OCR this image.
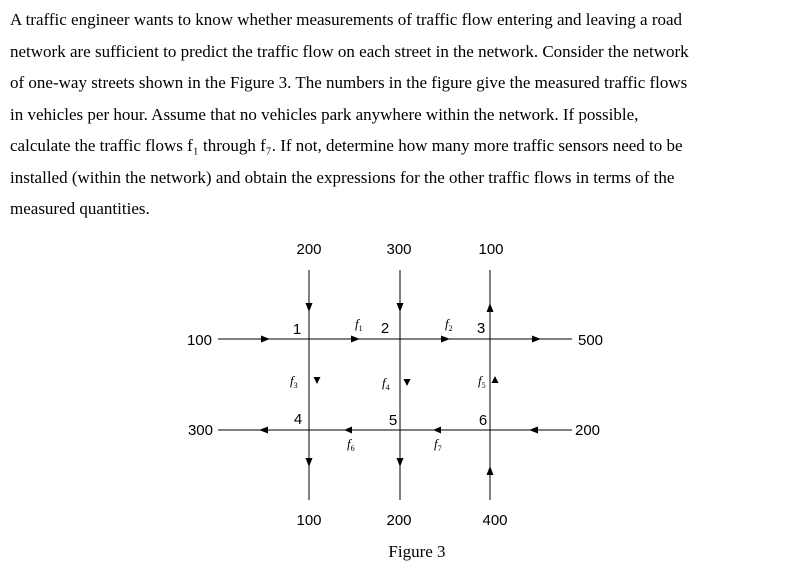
A traffic engineer wants to know whether measurements of traffic flow entering and leaving a road
network are sufficient to predict the traffic flow on each street in the network. Consider the network
of one-way streets shown in the Figure 3. The numbers in the figure give the measured traffic flows
in vehicles per hour. Assume that no vehicles park anywhere within the network. If possible,
calculate the traffic flows f₁ through f₇. If not, determine how many more traffic sensors need to be
installed (within the network) and obtain the expressions for the other traffic flows in terms of the
measured quantities.
200	300	100
100	200	400
100
300
500
200
1	2	3
4	5	6
$f_1$	$f_2$
$f_3$	$f_4$	$f_5$
$f_6$	$f_7$
Figure 3
